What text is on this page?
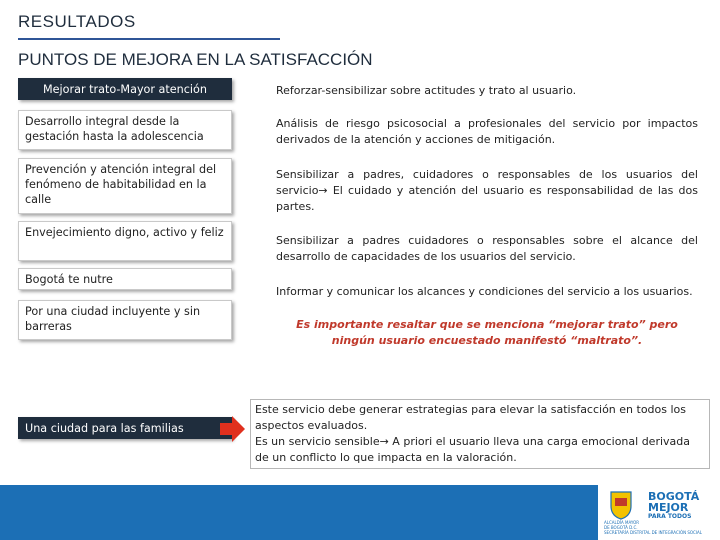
RESULTADOS
PUNTOS DE MEJORA EN LA SATISFACCIÓN
Mejorar trato-Mayor atención
Desarrollo integral desde la gestación hasta la adolescencia
Prevención y atención integral del fenómeno de habitabilidad en la calle
Envejecimiento digno, activo y feliz
Bogotá te nutre
Por una ciudad incluyente y sin barreras
Una ciudad para las familias
Reforzar-sensibilizar sobre actitudes y trato al usuario.
Análisis de riesgo psicosocial a profesionales del servicio por impactos derivados de la atención y acciones de mitigación.
Sensibilizar a padres, cuidadores o responsables de los usuarios del servicio→ El cuidado y atención del usuario es responsabilidad de las dos partes.
Sensibilizar a padres cuidadores o responsables sobre el alcance del desarrollo de capacidades de los usuarios del servicio.
Informar y comunicar los alcances y condiciones del servicio a los usuarios.
Es importante resaltar que se menciona “mejorar trato” pero ningún usuario encuestado manifestó “maltrato”.
Este servicio debe generar estrategias para elevar la satisfacción en todos los aspectos evaluados.
Es un servicio sensible→ A priori el usuario lleva una carga emocional derivada de un conflicto lo que impacta en la valoración.
ALCALDÍA MAYOR DE BOGOTÁ D.C.
BOGOTÁ
MEJOR
PARA TODOS
SECRETARÍA DISTRITAL DE INTEGRACIÓN SOCIAL
